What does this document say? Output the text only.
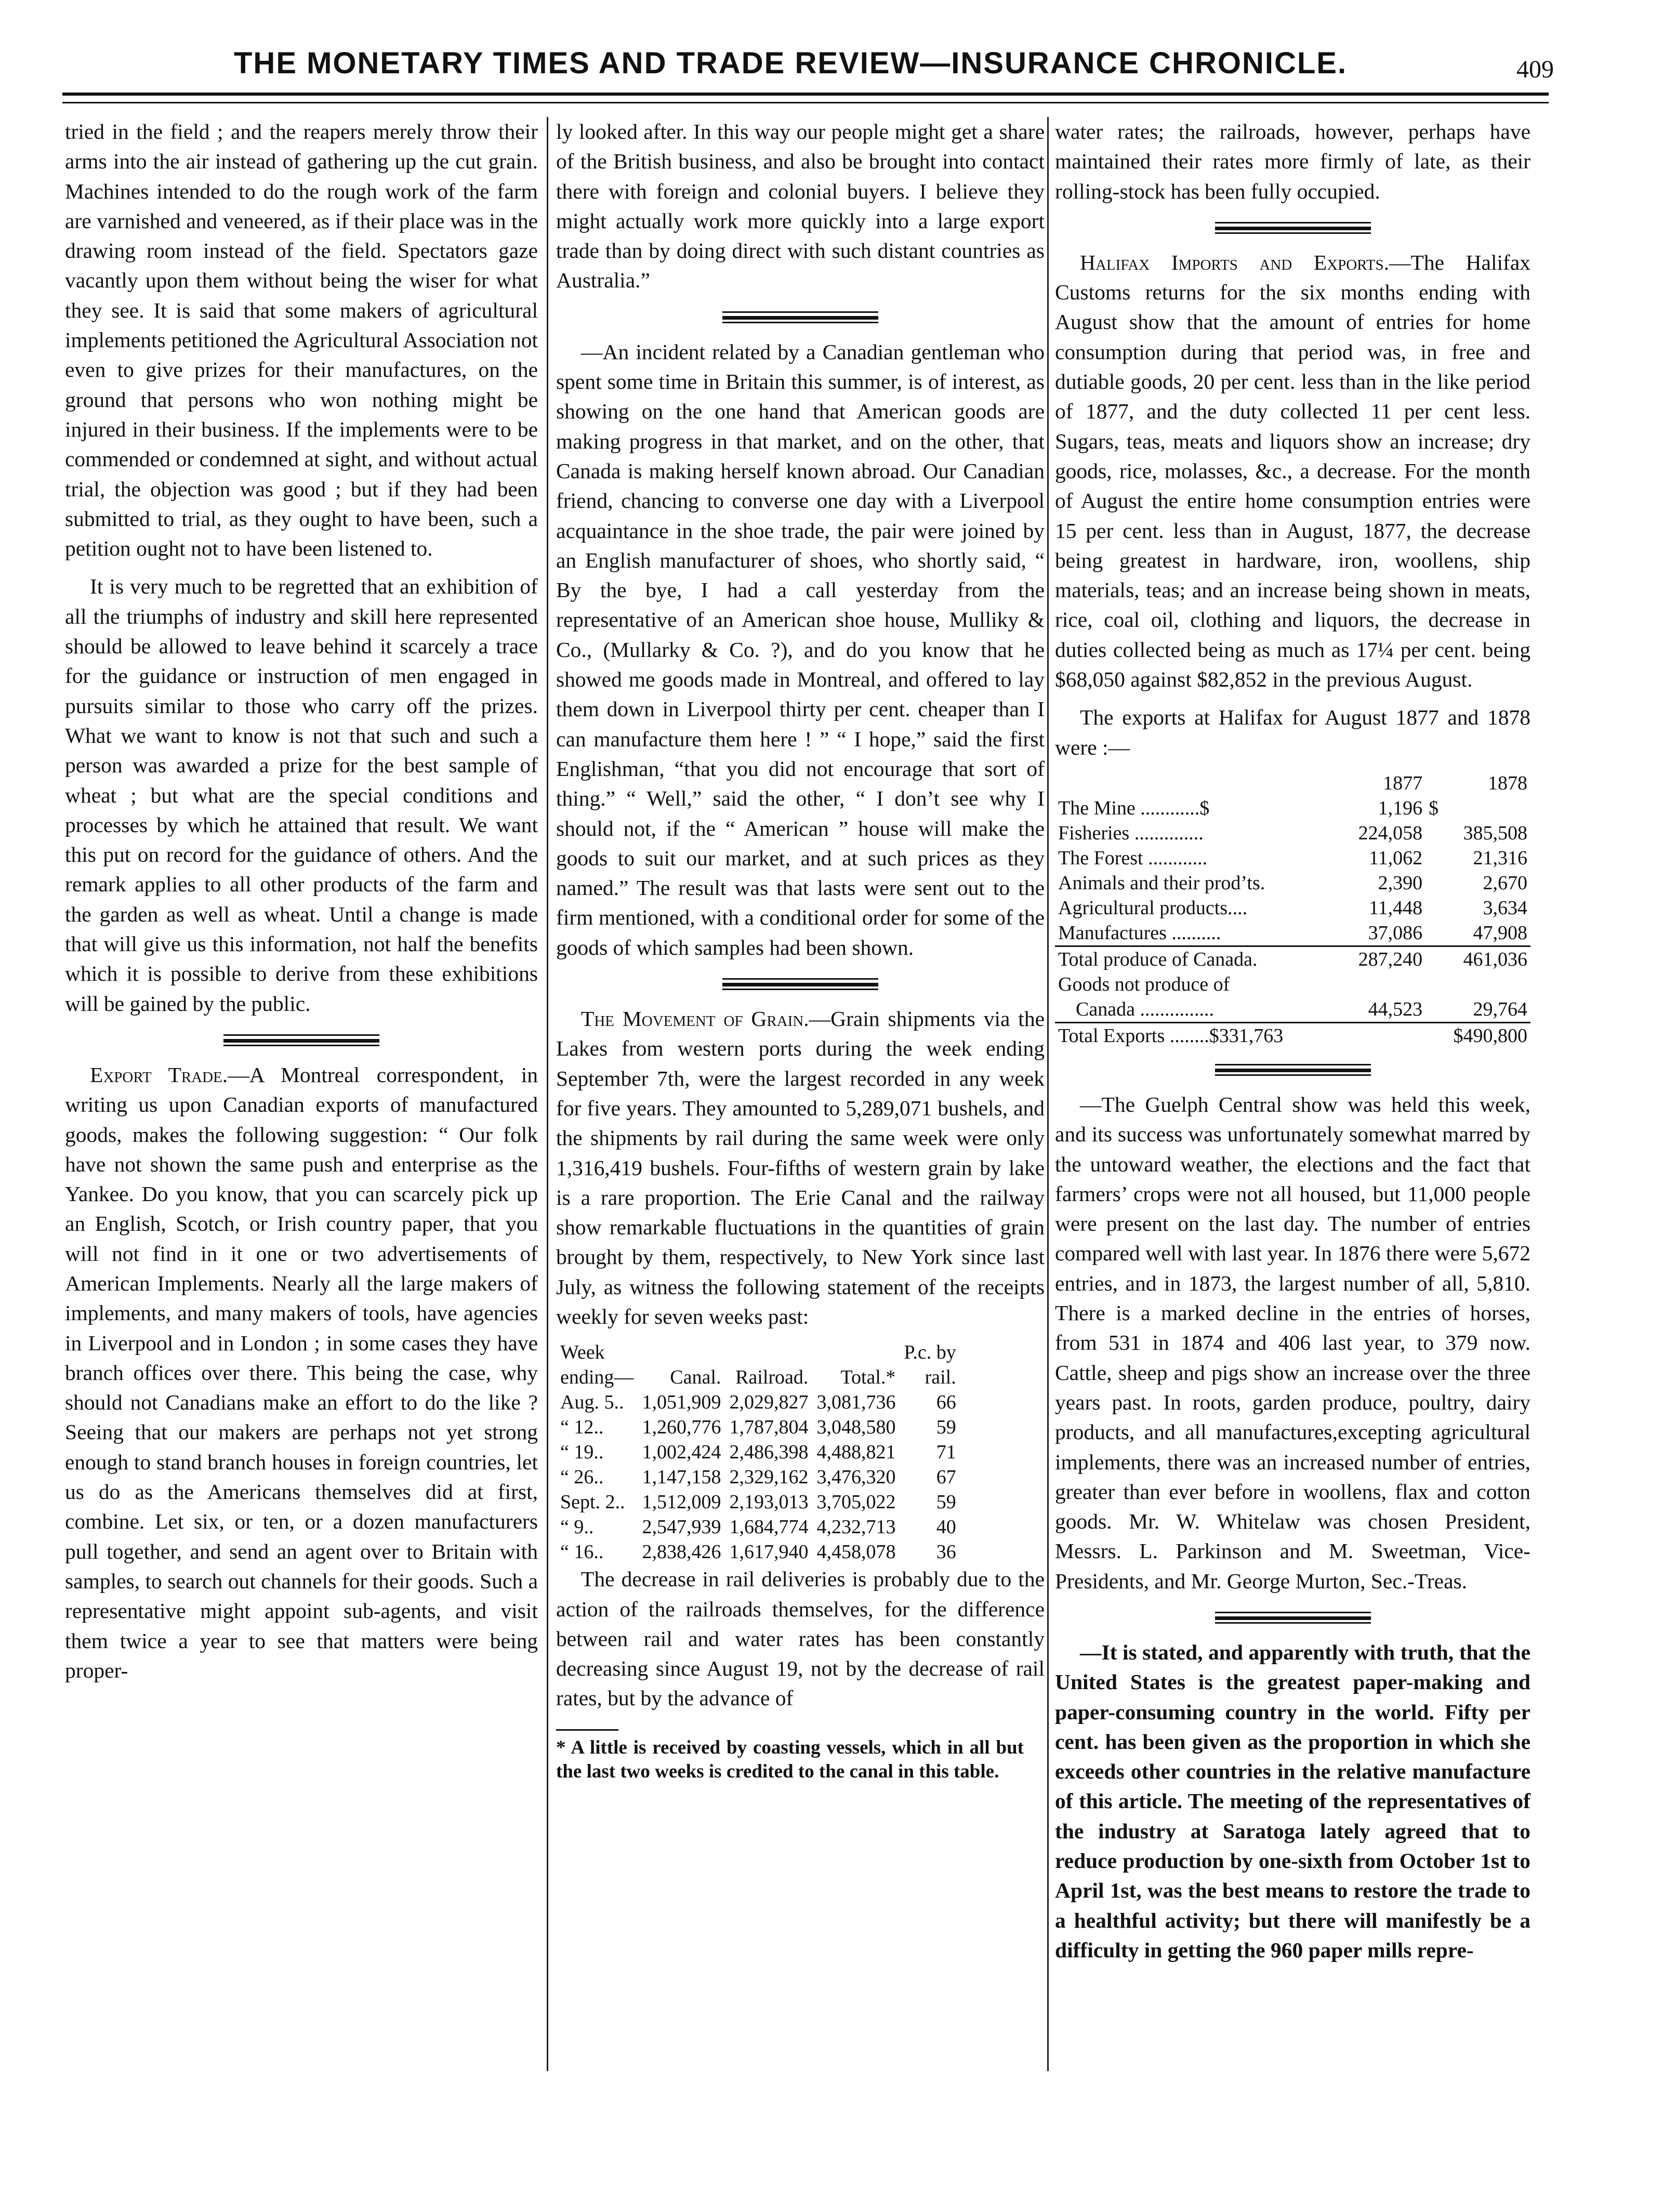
THE MONETARY TIMES AND TRADE REVIEW—INSURANCE CHRONICLE.	409

tried in the field ; and the reapers merely throw their arms into the air instead of gathering up the cut grain. Machines intended to do the rough work of the farm are varnished and veneered, as if their place was in the drawing room instead of the field. Spectators gaze vacantly upon them without being the wiser for what they see. It is said that some makers of agricultural implements petitioned the Agricultural Association not even to give prizes for their manufactures, on the ground that persons who won nothing might be injured in their business. If the implements were to be commended or condemned at sight, and without actual trial, the objection was good ; but if they had been submitted to trial, as they ought to have been, such a petition ought not to have been listened to.

It is very much to be regretted that an exhibition of all the triumphs of industry and skill here represented should be allowed to leave behind it scarcely a trace for the guidance or instruction of men engaged in pursuits similar to those who carry off the prizes. What we want to know is not that such and such a person was awarded a prize for the best sample of wheat ; but what are the special conditions and processes by which he attained that result. We want this put on record for the guidance of others. And the remark applies to all other products of the farm and the garden as well as wheat. Until a change is made that will give us this information, not half the benefits which it is possible to derive from these exhibitions will be gained by the public.

Export Trade.—A Montreal correspondent, in writing us upon Canadian exports of manufactured goods, makes the following suggestion: “ Our folk have not shown the same push and enterprise as the Yankee. Do you know, that you can scarcely pick up an English, Scotch, or Irish country paper, that you will not find in it one or two advertisements of American Implements. Nearly all the large makers of implements, and many makers of tools, have agencies in Liverpool and in London ; in some cases they have branch offices over there. This being the case, why should not Canadians make an effort to do the like ? Seeing that our makers are perhaps not yet strong enough to stand branch houses in foreign countries, let us do as the Americans themselves did at first, combine. Let six, or ten, or a dozen manufacturers pull together, and send an agent over to Britain with samples, to search out channels for their goods. Such a representative might appoint sub-agents, and visit them twice a year to see that matters were being proper-

ly looked after. In this way our people might get a share of the British business, and also be brought into contact there with foreign and colonial buyers. I believe they might actually work more quickly into a large export trade than by doing direct with such distant countries as Australia.”

—An incident related by a Canadian gentleman who spent some time in Britain this summer, is of interest, as showing on the one hand that American goods are making progress in that market, and on the other, that Canada is making herself known abroad. Our Canadian friend, chancing to converse one day with a Liverpool acquaintance in the shoe trade, the pair were joined by an English manufacturer of shoes, who shortly said, “ By the bye, I had a call yesterday from the representative of an American shoe house, Mulliky & Co., (Mullarky & Co. ?), and do you know that he showed me goods made in Montreal, and offered to lay them down in Liverpool thirty per cent. cheaper than I can manufacture them here ! ” “ I hope,” said the first Englishman, “that you did not encourage that sort of thing.” “ Well,” said the other, “ I don’t see why I should not, if the “ American ” house will make the goods to suit our market, and at such prices as they named.” The result was that lasts were sent out to the firm mentioned, with a conditional order for some of the goods of which samples had been shown.

The Movement of Grain.—Grain shipments via the Lakes from western ports during the week ending September 7th, were the largest recorded in any week for five years. They amounted to 5,289,071 bushels, and the shipments by rail during the same week were only 1,316,419 bushels. Four-fifths of western grain by lake is a rare proportion. The Erie Canal and the railway show remarkable fluctuations in the quantities of grain brought by them, respectively, to New York since last July, as witness the following statement of the receipts weekly for seven weeks past:

Week				P.c. by
ending—	Canal.	Railroad.	Total.*	rail.
Aug. 5..	1,051,909	2,029,827	3,081,736	66
“ 12..	1,260,776	1,787,804	3,048,580	59
“ 19..	1,002,424	2,486,398	4,488,821	71
“ 26..	1,147,158	2,329,162	3,476,320	67
Sept. 2..	1,512,009	2,193,013	3,705,022	59
“ 9..	2,547,939	1,684,774	4,232,713	40
“ 16..	2,838,426	1,617,940	4,458,078	36

The decrease in rail deliveries is probably due to the action of the railroads themselves, for the difference between rail and water rates has been constantly decreasing since August 19, not by the decrease of rail rates, but by the advance of

* A little is received by coasting vessels, which in all but the last two weeks is credited to the canal in this table.

water rates; the railroads, however, perhaps have maintained their rates more firmly of late, as their rolling-stock has been fully occupied.

Halifax Imports and Exports.—The Halifax Customs returns for the six months ending with August show that the amount of entries for home consumption during that period was, in free and dutiable goods, 20 per cent. less than in the like period of 1877, and the duty collected 11 per cent less. Sugars, teas, meats and liquors show an increase; dry goods, rice, molasses, &c., a decrease. For the month of August the entire home consumption entries were 15 per cent. less than in August, 1877, the decrease being greatest in hardware, iron, woollens, ship materials, teas; and an increase being shown in meats, rice, coal oil, clothing and liquors, the decrease in duties collected being as much as 17¼ per cent. being $68,050 against $82,852 in the previous August.

The exports at Halifax for August 1877 and 1878 were :—

	1877	1878
The Mine ............$	1,196	$
Fisheries ..............	224,058	385,508
The Forest ............	11,062	21,316
Animals and their prod’ts.	2,390	2,670
Agricultural products....	11,448	3,634
Manufactures ..........	37,086	47,908
Total produce of Canada.	287,240	461,036
Goods not produce of		
Canada ...............	44,523	29,764
Total Exports ........$331,763		$490,800

—The Guelph Central show was held this week, and its success was unfortunately somewhat marred by the untoward weather, the elections and the fact that farmers’ crops were not all housed, but 11,000 people were present on the last day. The number of entries compared well with last year. In 1876 there were 5,672 entries, and in 1873, the largest number of all, 5,810. There is a marked decline in the entries of horses, from 531 in 1874 and 406 last year, to 379 now. Cattle, sheep and pigs show an increase over the three years past. In roots, garden produce, poultry, dairy products, and all manufactures,excepting agricultural implements, there was an increased number of entries, greater than ever before in woollens, flax and cotton goods. Mr. W. Whitelaw was chosen President, Messrs. L. Parkinson and M. Sweetman, Vice-Presidents, and Mr. George Murton, Sec.-Treas.

—It is stated, and apparently with truth, that the United States is the greatest paper-making and paper-consuming country in the world. Fifty per cent. has been given as the proportion in which she exceeds other countries in the relative manufacture of this article. The meeting of the representatives of the industry at Saratoga lately agreed that to reduce production by one-sixth from October 1st to April 1st, was the best means to restore the trade to a healthful activity; but there will manifestly be a difficulty in getting the 960 paper mills repre-
